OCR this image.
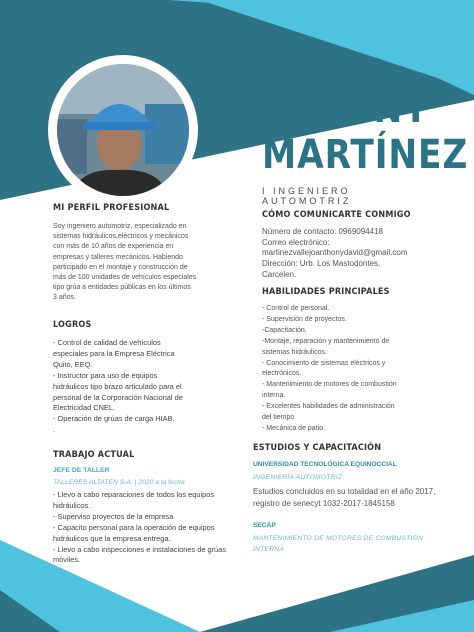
ANTONY
MARTÍNEZ
I INGENIERO
AUTOMOTRIZ
MI PERFIL PROFESIONAL
Soy ingeniero automotriz, especializado en
sistemas hidráulicos,eléctricos y mecánicos
con más de 10 años de experiencia en
empresas y talleres mecánicos. Habiendo
participado en el montaje y construcción de
más de 100 unidades de vehículos especiales
tipo grúa a entidades públicas en los últimos
3 años.
LOGROS
- Control de calidad de vehículos
especiales para la Empresa Eléctrica
Quito, EEQ.
- Instructor para uso de equipos
hidráulicos tipo brazo articulado para el
personal de la Corporación Nacional de
Electricidad CNEL.
- Operación de grúas de carga HIAB.
.
TRABAJO ACTUAL
JEFE DE TALLER
TALLERES ALTATEN S.A. | 2020 a la fecha
- Llevo a cabo reparaciones de todos los equipos
hidráulicos.
- Superviso proyectos de la empresa
- Capacito personal para la operación de equipos
hidráulicos que la empresa entrega.
- Llevo a cabo inspecciones e instalaciones de grúas
móviles.
CÓMO COMUNICARTE CONMIGO
Número de contacto: 0969094418
Correo electrónico:
martinezvallejoanthonydavid@gmail.com
Dirección: Urb. Los Mastodontes,
Carcelen.
HABILIDADES PRINCIPALES
- Control de personal.
- Supervisión de proyectos.
-Capacitación.
-Montaje, reparación y mantenimiento de
sistemas hidráulicos.
- Conocimiento de sistemas eléctricos y
electrónicos.
- Mantenimiento de motores de combustión
interna.
- Excelentes habilidades de administración
del tiempo
- Mecánica de patio.
ESTUDIOS Y CAPACITACIÓN
UNIVERSIDAD TECNOLÓGICA EQUINOCCIAL
INGENIERÍA AUTOMOTRIZ
Estudios concluidos en su totalidad en el año 2017,
registro de senecyt 1032-2017-1845158
SECAP
MANTENIMIENTO DE MOTORES DE COMBUSTIÓN
INTERNA
